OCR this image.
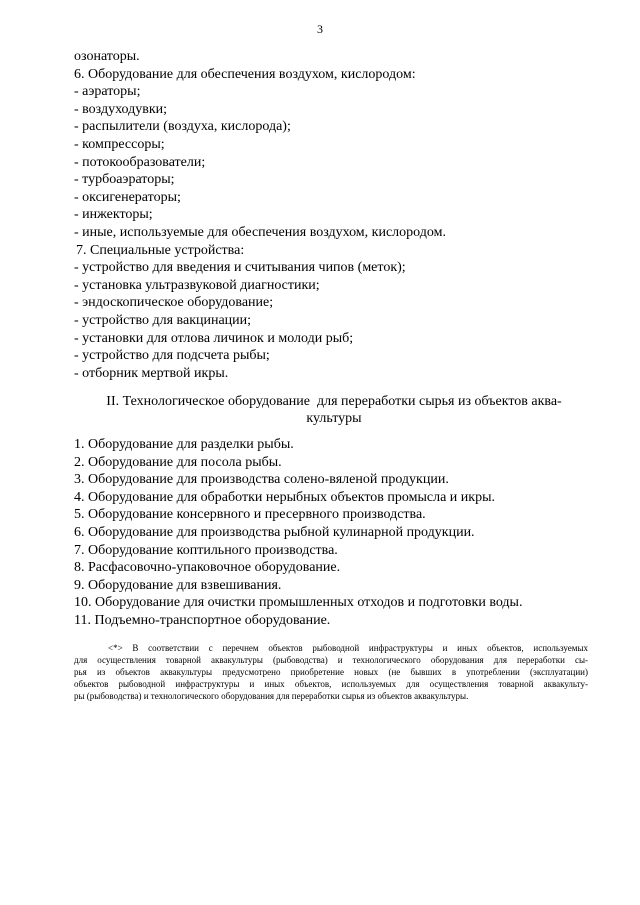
3
озонаторы.
6. Оборудование для обеспечения воздухом, кислородом:
- аэраторы;
- воздуходувки;
- распылители (воздуха, кислорода);
- компрессоры;
- потокообразователи;
- турбоаэраторы;
- оксигенераторы;
- инжекторы;
- иные, используемые для обеспечения воздухом, кислородом.
7. Специальные устройства:
- устройство для введения и считывания чипов (меток);
- установка ультразвуковой диагностики;
- эндоскопическое оборудование;
- устройство для вакцинации;
- установки для отлова личинок и молоди рыб;
- устройство для подсчета рыбы;
- отборник мертвой икры.
II. Технологическое оборудование  для переработки сырья из объектов аква-
культуры
1. Оборудование для разделки рыбы.
2. Оборудование для посола рыбы.
3. Оборудование для производства солено-вяленой продукции.
4. Оборудование для обработки нерыбных объектов промысла и икры.
5. Оборудование консервного и пресервного производства.
6. Оборудование для производства рыбной кулинарной продукции.
7. Оборудование коптильного производства.
8. Расфасовочно-упаковочное оборудование.
9. Оборудование для взвешивания.
10. Оборудование для очистки промышленных отходов и подготовки воды.
11. Подъемно-транспортное оборудование.
<*> В соответствии с перечнем объектов рыбоводной инфраструктуры и иных объектов, используемых
для осуществления товарной аквакультуры (рыбоводства) и технологического оборудования для переработки сы-
рья из объектов аквакультуры предусмотрено приобретение новых (не бывших в употреблении (эксплуатации)
объектов рыбоводной инфраструктуры и иных объектов, используемых для осуществления товарной аквакульту-
ры (рыбоводства) и технологического оборудования для переработки сырья из объектов аквакультуры.
